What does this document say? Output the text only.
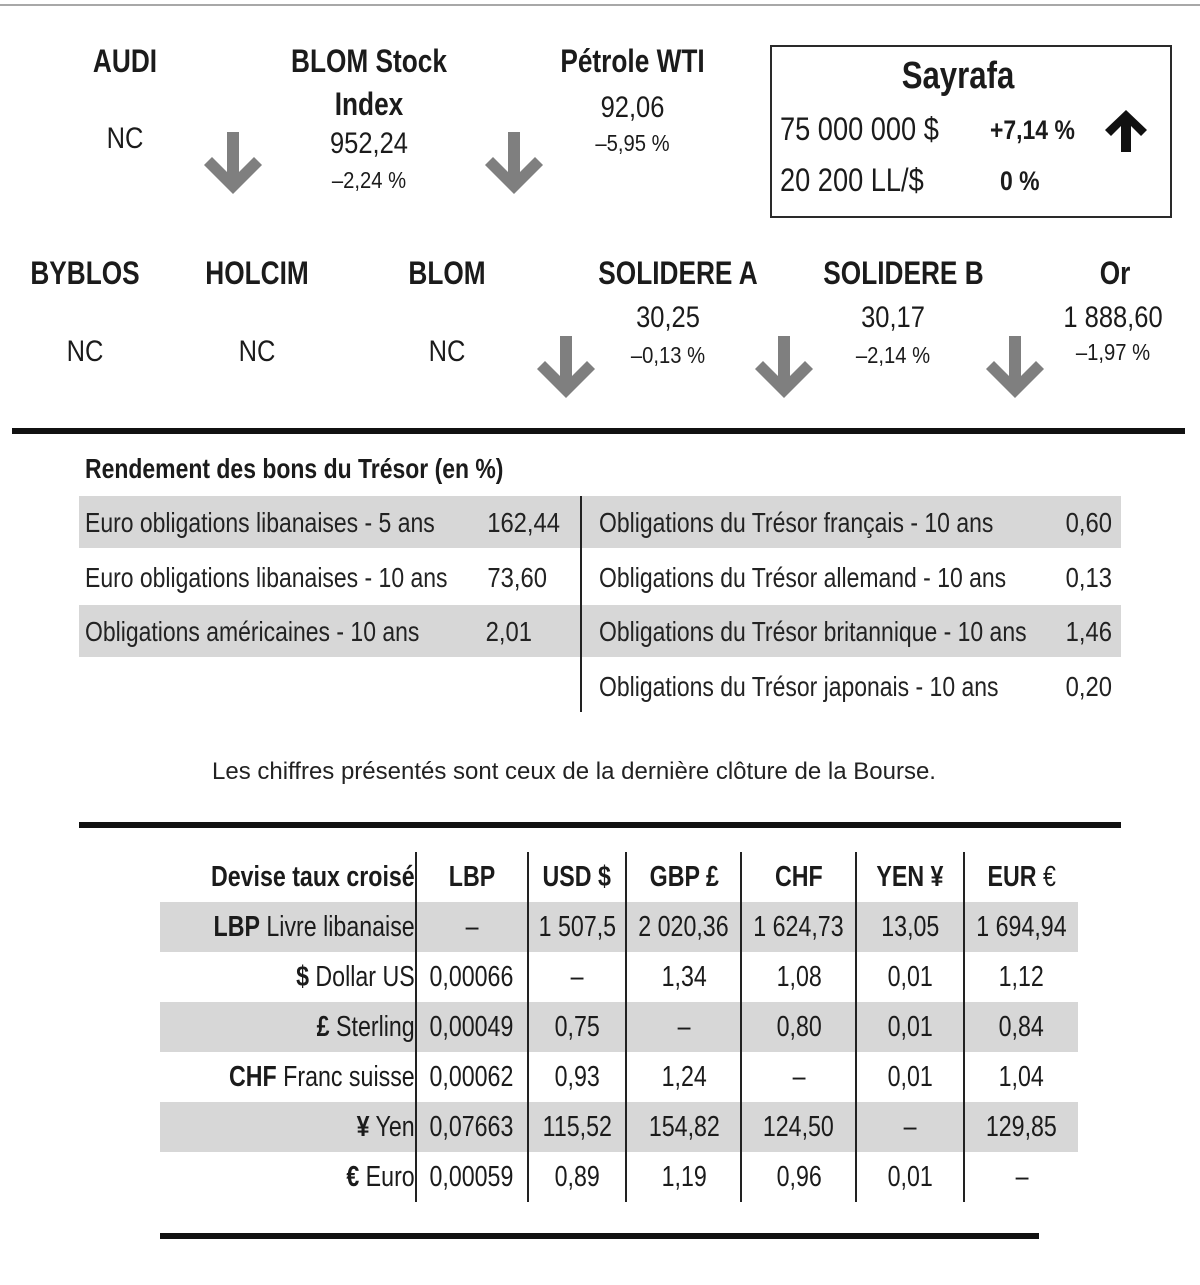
AUDI
NC
BLOM Stock
Index
952,24
–2,24 %
Pétrole WTI
92,06
–5,95 %
Sayrafa
75 000 000 $ +7,14 %
20 200 LL/$	0 %
BYBLOS
NC
HOLCIM
NC
BLOM
NC
SOLIDERE A
30,25
–0,13 %
SOLIDERE B
30,17
–2,14 %
Or
1 888,60
–1,97 %
Rendement des bons du Trésor (en %)
Euro obligations libanaises - 5 ans	162,44
Euro obligations libanaises - 10 ans	73,60
Obligations américaines - 10 ans	2,01
Obligations du Trésor français - 10 ans	0,60
Obligations du Trésor allemand - 10 ans	0,13
Obligations du Trésor britannique - 10 ans	1,46
Obligations du Trésor japonais - 10 ans	0,20
Les chiffres présentés sont ceux de la dernière clôture de la Bourse.
Devise taux croisé	LBP	USD $	GBP £	CHF	YEN ¥	EUR €

LBP Livre libanaise	–	1 507,5	2 020,36	1 624,73	13,05	1 694,94

$ Dollar US	0,00066	–	1,34	1,08	0,01	1,12

£ Sterling	0,00049	0,75	–	0,80	0,01	0,84

CHF Franc suisse	0,00062	0,93	1,24	–	0,01	1,04

¥ Yen	0,07663	115,52	154,82	124,50	–	129,85

€ Euro	0,00059	0,89	1,19	0,96	0,01	–
